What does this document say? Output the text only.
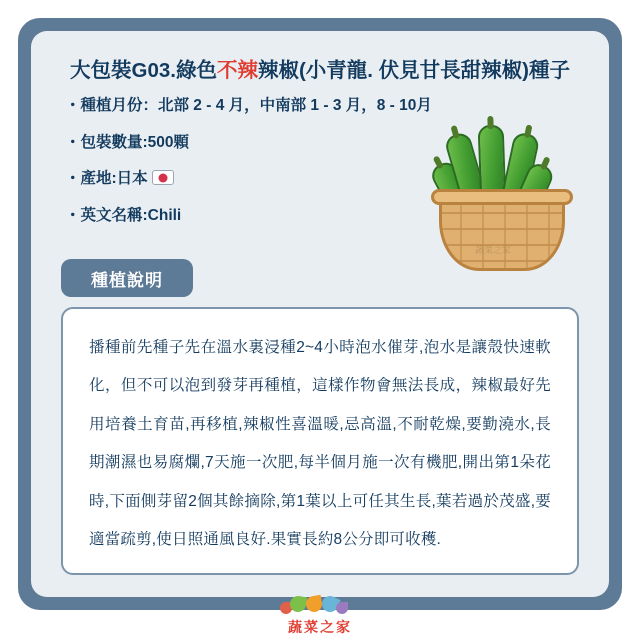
大包裝G03.綠色不辣辣椒(小青龍. 伏見甘長甜辣椒)種子
・種植月份：北部 2 - 4 月，中南部 1 - 3 月，8 - 10月
・包裝數量:500顆
・產地:日本
・英文名稱:Chili
蔬菜之家
種植說明
播種前先種子先在溫水裏浸種2~4小時泡水催芽,泡水是讓殼快速軟化，但不可以泡到發芽再種植，這樣作物會無法長成，辣椒最好先用培養土育苗,再移植,辣椒性喜溫暖,忌高溫,不耐乾燥,要勤澆水,長期潮濕也易腐爛,7天施一次肥,每半個月施一次有機肥,開出第1朵花時,下面側芽留2個其餘摘除,第1葉以上可任其生長,葉若過於茂盛,要適當疏剪,使日照通風良好.果實長約8公分即可收穫.
蔬菜之家
